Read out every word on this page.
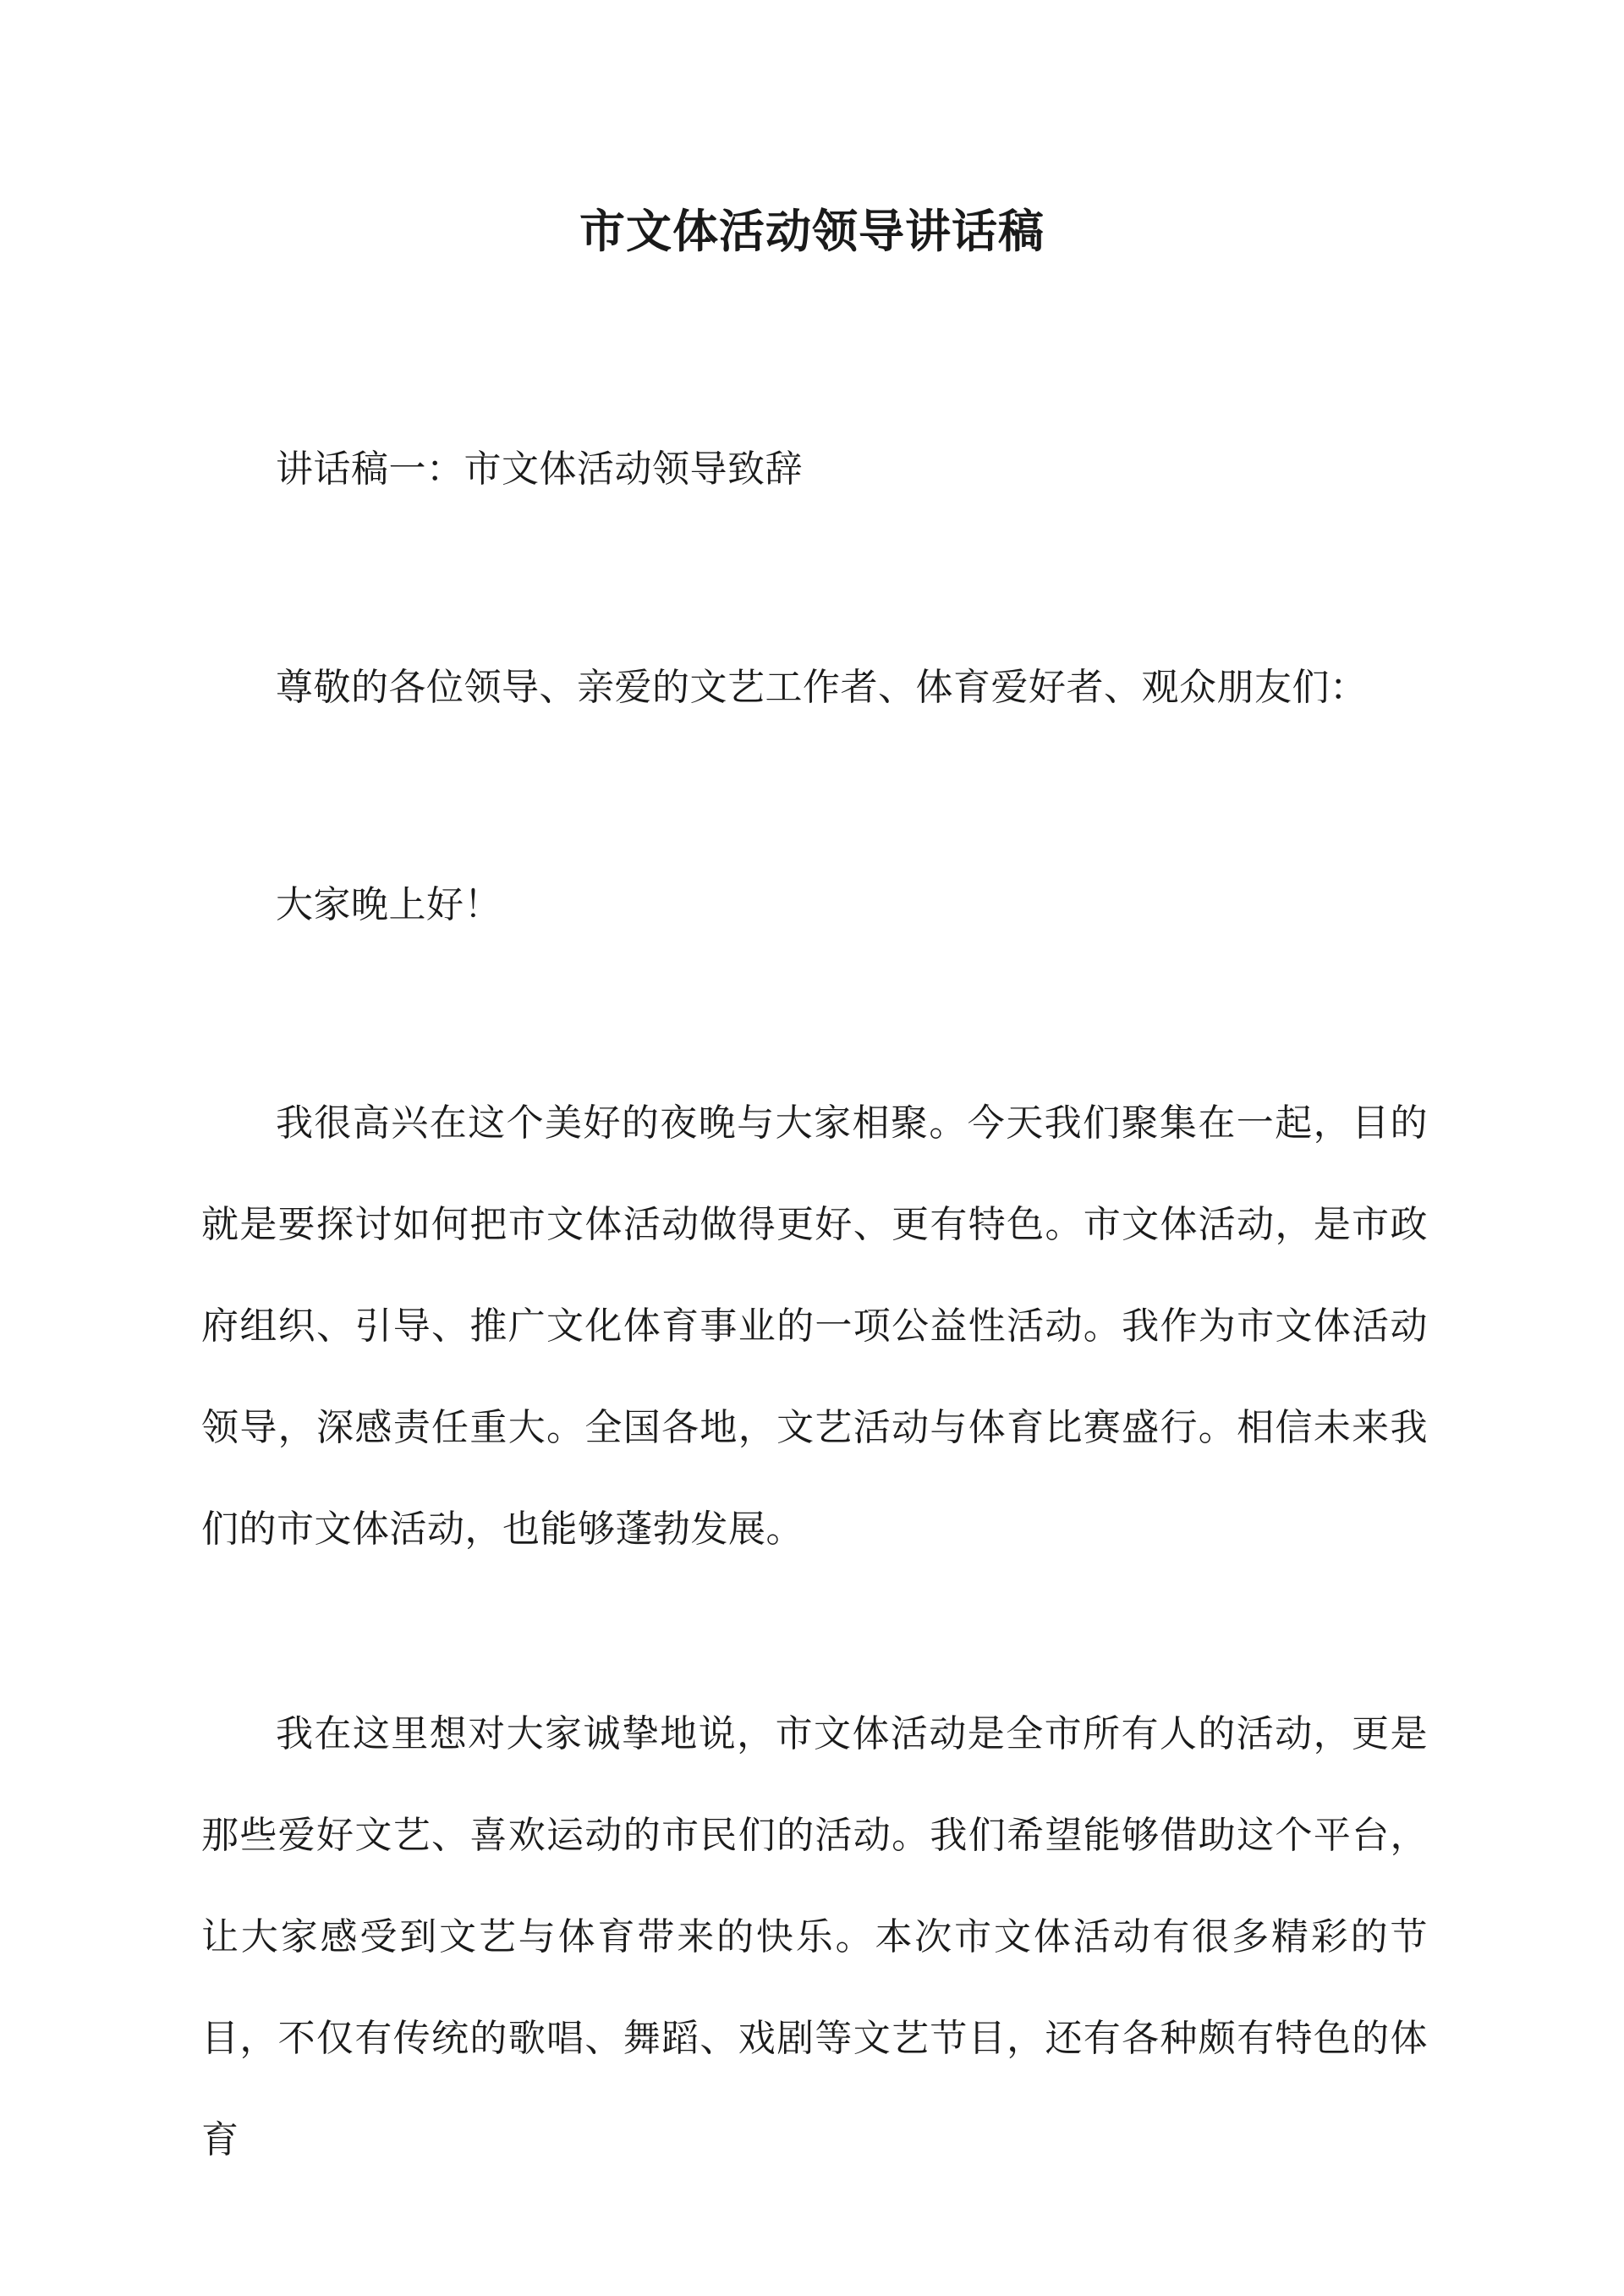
市文体活动领导讲话稿

讲话稿一：市文体活动领导致辞

尊敬的各位领导、亲爱的文艺工作者、体育爱好者、观众朋友们：

大家晚上好！

我很高兴在这个美好的夜晚与大家相聚。今天我们聚集在一起，目的就是要探讨如何把市文体活动做得更好、更有特色。市文体活动，是市政府组织、引导、推广文化体育事业的一项公益性活动。我作为市文体活动领导，深感责任重大。全国各地，文艺活动与体育比赛盛行。相信未来我们的市文体活动，也能够蓬勃发展。

我在这里想对大家诚挚地说，市文体活动是全市所有人的活动，更是那些爱好文艺、喜欢运动的市民们的活动。我们希望能够借助这个平台，让大家感受到文艺与体育带来的快乐。本次市文体活动有很多精彩的节目，不仅有传统的歌唱、舞蹈、戏剧等文艺节目，还有各种颇有特色的体育
